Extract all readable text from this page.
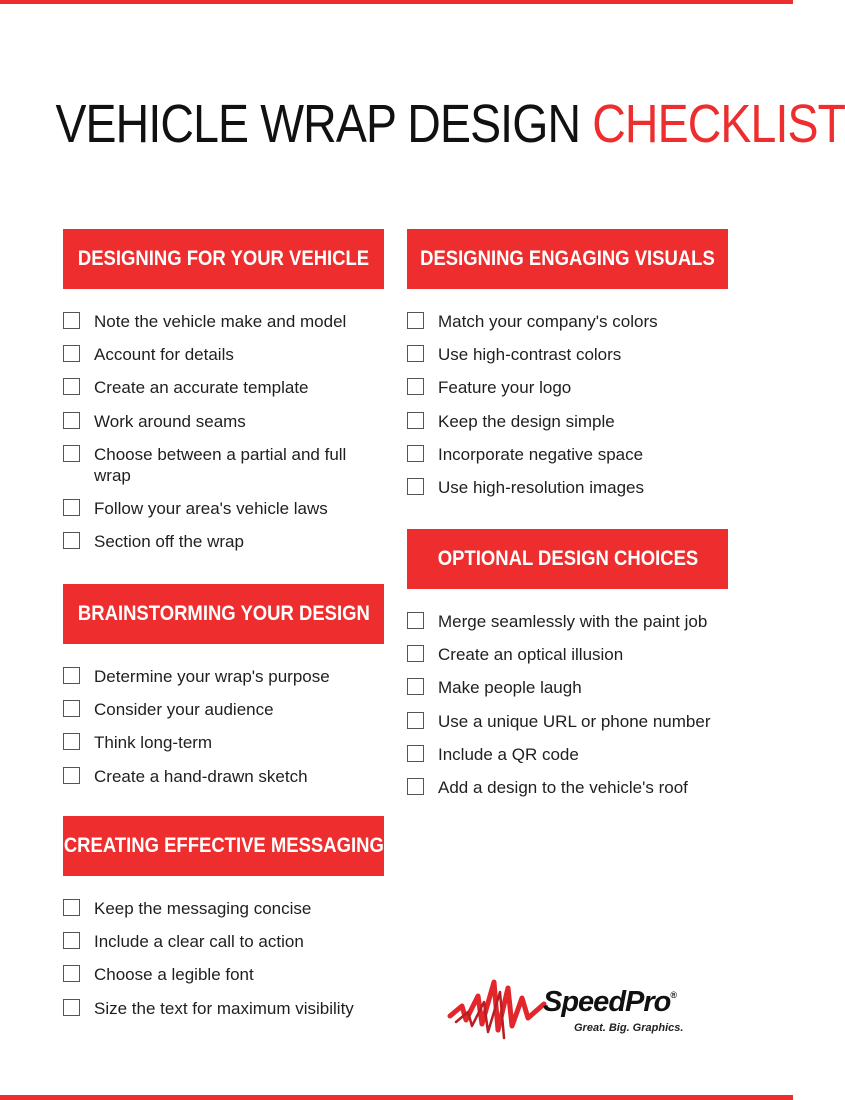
VEHICLE WRAP DESIGN CHECKLIST
DESIGNING FOR YOUR VEHICLE
Note the vehicle make and model
Account for details
Create an accurate template
Work around seams
Choose between a partial and full wrap
Follow your area's vehicle laws
Section off the wrap
BRAINSTORMING YOUR DESIGN
Determine your wrap's purpose
Consider your audience
Think long-term
Create a hand-drawn sketch
CREATING EFFECTIVE MESSAGING
Keep the messaging concise
Include a clear call to action
Choose a legible font
Size the text for maximum visibility
DESIGNING ENGAGING VISUALS
Match your company's colors
Use high-contrast colors
Feature your logo
Keep the design simple
Incorporate negative space
Use high-resolution images
OPTIONAL DESIGN CHOICES
Merge seamlessly with the paint job
Create an optical illusion
Make people laugh
Use a unique URL or phone number
Include a QR code
Add a design to the vehicle's roof
SpeedPro®
Great. Big. Graphics.
